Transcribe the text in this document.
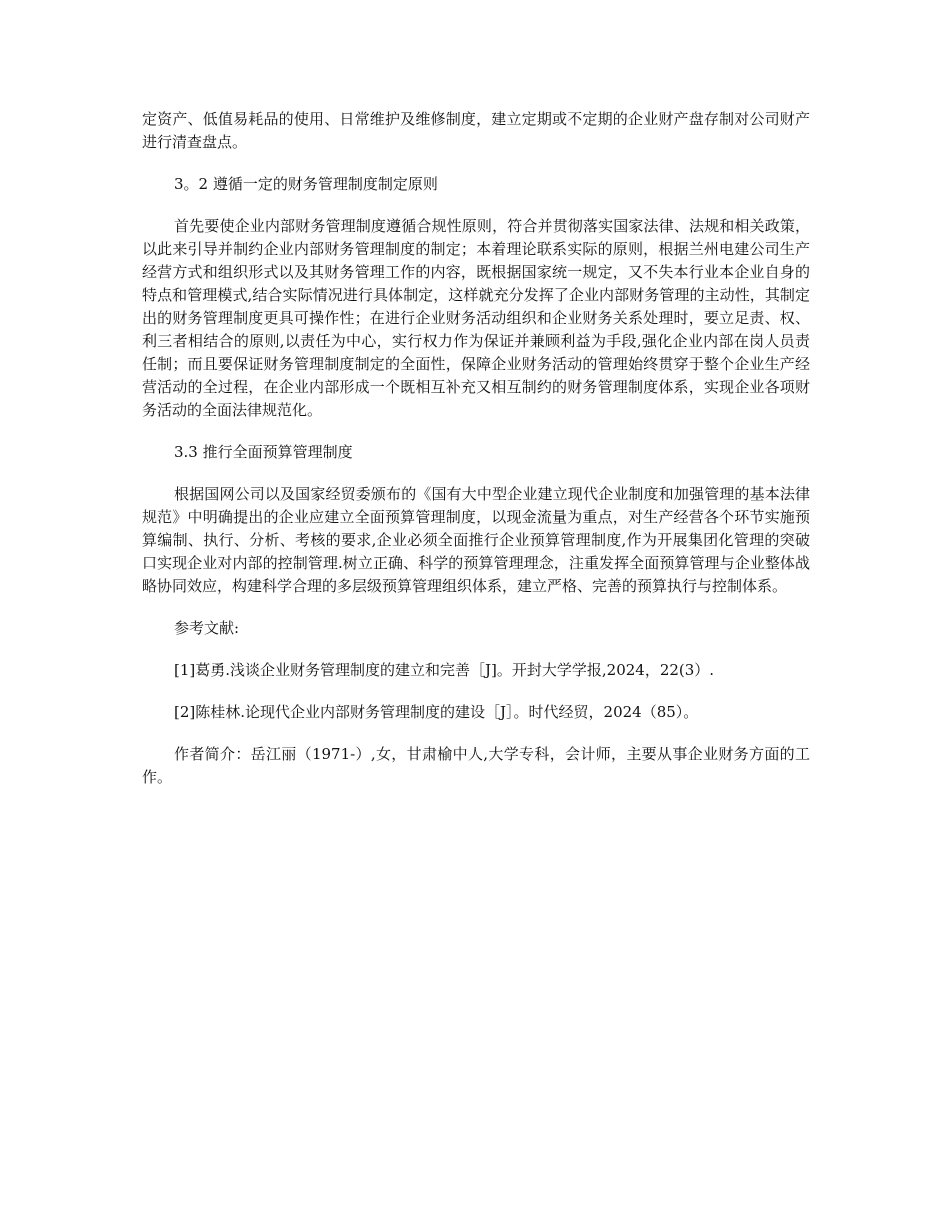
定资产、低值易耗品的使用、日常维护及维修制度，建立定期或不定期的企业财产盘存制对公司财产进行清查盘点。

3。2 遵循一定的财务管理制度制定原则

首先要使企业内部财务管理制度遵循合规性原则，符合并贯彻落实国家法律、法规和相关政策，以此来引导并制约企业内部财务管理制度的制定；本着理论联系实际的原则，根据兰州电建公司生产经营方式和组织形式以及其财务管理工作的内容，既根据国家统一规定，又不失本行业本企业自身的特点和管理模式,结合实际情况进行具体制定，这样就充分发挥了企业内部财务管理的主动性，其制定出的财务管理制度更具可操作性；在进行企业财务活动组织和企业财务关系处理时，要立足责、权、利三者相结合的原则,以责任为中心，实行权力作为保证并兼顾利益为手段,强化企业内部在岗人员责任制；而且要保证财务管理制度制定的全面性，保障企业财务活动的管理始终贯穿于整个企业生产经营活动的全过程，在企业内部形成一个既相互补充又相互制约的财务管理制度体系，实现企业各项财务活动的全面法律规范化。

3.3 推行全面预算管理制度

根据国网公司以及国家经贸委颁布的《国有大中型企业建立现代企业制度和加强管理的基本法律规范》中明确提出的企业应建立全面预算管理制度，以现金流量为重点，对生产经营各个环节实施预算编制、执行、分析、考核的要求,企业必须全面推行企业预算管理制度,作为开展集团化管理的突破口实现企业对内部的控制管理.树立正确、科学的预算管理理念，注重发挥全面预算管理与企业整体战略协同效应，构建科学合理的多层级预算管理组织体系，建立严格、完善的预算执行与控制体系。

参考文献:

[1]葛勇.浅谈企业财务管理制度的建立和完善［J]。开封大学学报,2024，22(3）.

[2]陈桂林.论现代企业内部财务管理制度的建设［J］。时代经贸，2024（85）。

作者简介：岳江丽（1971-）,女，甘肃榆中人,大学专科，会计师，主要从事企业财务方面的工作。
